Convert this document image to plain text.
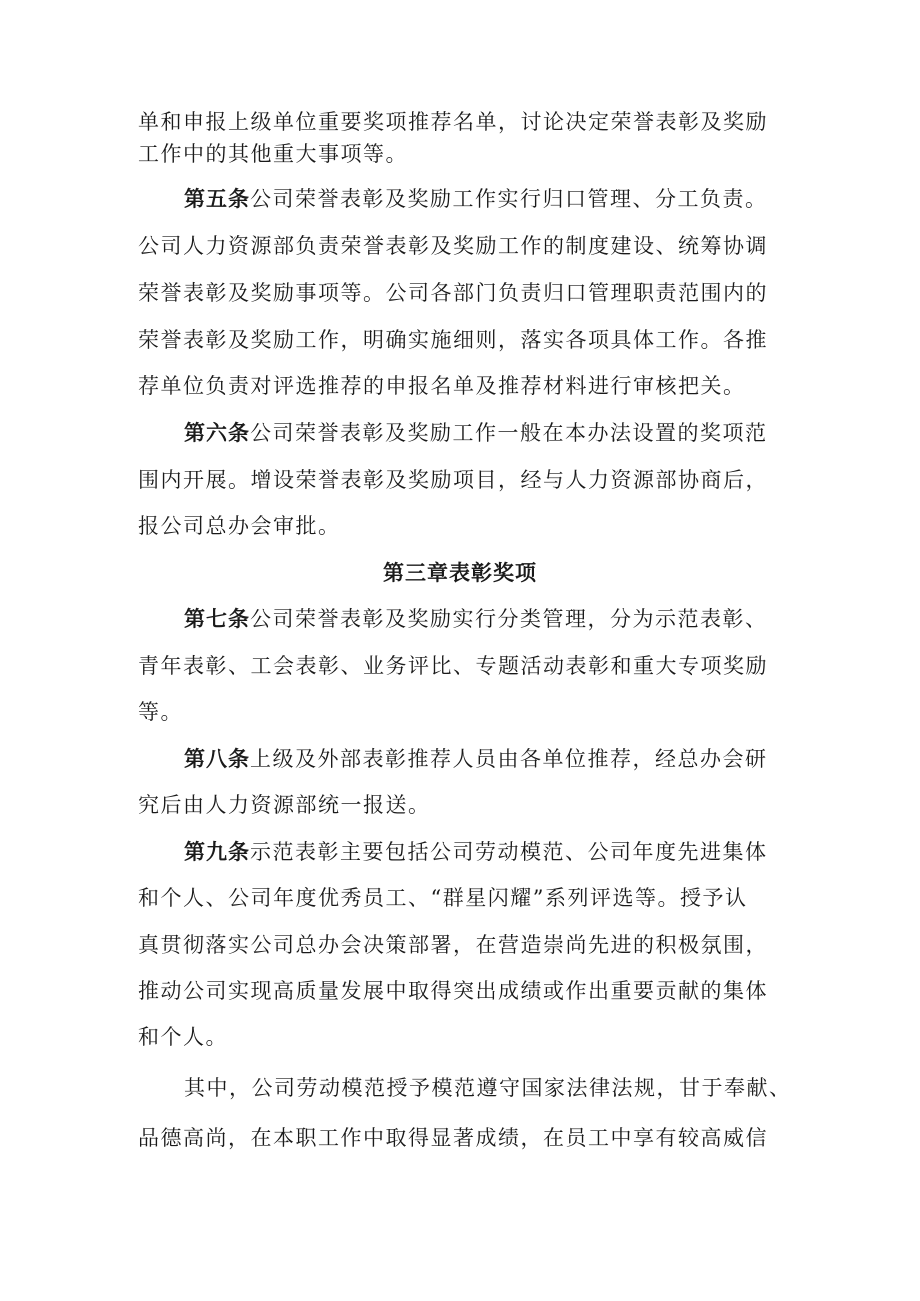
单和申报上级单位重要奖项推荐名单，讨论决定荣誉表彰及奖励
工作中的其他重大事项等。
第五条公司荣誉表彰及奖励工作实行归口管理、分工负责。
公司人力资源部负责荣誉表彰及奖励工作的制度建设、统筹协调
荣誉表彰及奖励事项等。公司各部门负责归口管理职责范围内的
荣誉表彰及奖励工作，明确实施细则，落实各项具体工作。各推
荐单位负责对评选推荐的申报名单及推荐材料进行审核把关。
第六条公司荣誉表彰及奖励工作一般在本办法设置的奖项范
围内开展。增设荣誉表彰及奖励项目，经与人力资源部协商后，
报公司总办会审批。
第三章表彰奖项
第七条公司荣誉表彰及奖励实行分类管理，分为示范表彰、
青年表彰、工会表彰、业务评比、专题活动表彰和重大专项奖励
等。
第八条上级及外部表彰推荐人员由各单位推荐，经总办会研
究后由人力资源部统一报送。
第九条示范表彰主要包括公司劳动模范、公司年度先进集体
和个人、公司年度优秀员工、“群星闪耀”系列评选等。授予认
真贯彻落实公司总办会决策部署，在营造崇尚先进的积极氛围，
推动公司实现高质量发展中取得突出成绩或作出重要贡献的集体
和个人。
其中，公司劳动模范授予模范遵守国家法律法规，甘于奉献、
品德高尚，在本职工作中取得显著成绩，在员工中享有较高威信
